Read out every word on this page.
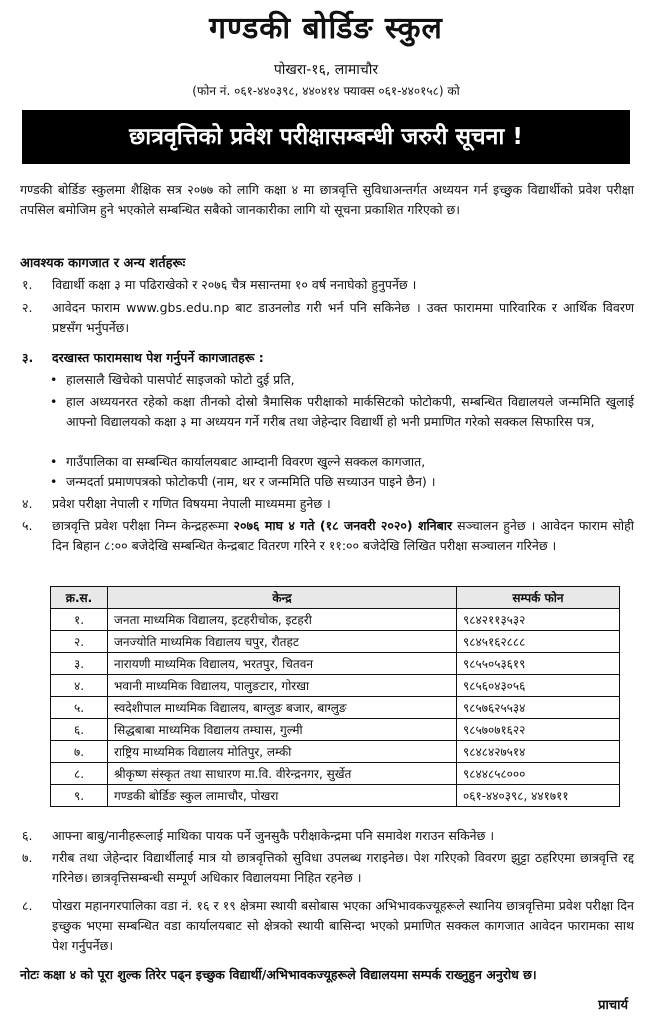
गण्डकी बोर्डिङ स्कुल
पोखरा-१६, लामाचौर
(फोन नं. ०६१-४४०३९८, ४४०४१४ फ्याक्स ०६१-४४०१५८) को
छात्रवृत्तिको प्रवेश परीक्षासम्बन्धी जरुरी सूचना !
गण्डकी बोर्डिङ स्कुलमा शैक्षिक सत्र २०७७ को लागि कक्षा ४ मा छात्रवृत्ति सुविधाअन्तर्गत अध्ययन गर्न इच्छुक विद्यार्थीको प्रवेश परीक्षा तपसिल बमोजिम हुने भएकोले सम्बन्धित सबैको जानकारीका लागि यो सूचना प्रकाशित गरिएको छ।
आवश्यक कागजात र अन्य शर्तहरूः
१.	विद्यार्थी कक्षा ३ मा पढिराखेको र २०७६ चैत्र मसान्तमा १० वर्ष ननाघेको हुनुपर्नेछ ।
२.	आवेदन फाराम www.gbs.edu.np बाट डाउनलोड गरी भर्न पनि सकिनेछ । उक्त फाराममा पारिवारिक र आर्थिक विवरण प्रष्टसँग भर्नुपर्नेछ।
३.	दरखास्त फारामसाथ पेश गर्नुपर्ने कागजातहरू :
• हालसालै खिचेको पासपोर्ट साइजको फोटो दुई प्रति,
• हाल अध्ययनरत रहेको कक्षा तीनको दोस्रो त्रैमासिक परीक्षाको मार्कसिटको फोटोकपी, सम्बन्धित विद्यालयले जन्ममिति खुलाई आफ्नो विद्यालयको कक्षा ३ मा अध्ययन गर्ने गरीब तथा जेहेन्दार विद्यार्थी हो भनी प्रमाणित गरेको सक्कल सिफारिस पत्र,
• गाउँपालिका वा सम्बन्धित कार्यालयबाट आम्दानी विवरण खुल्ने सक्कल कागजात,
• जन्मदर्ता प्रमाणपत्रको फोटोकपी (नाम, थर र जन्ममिति पछि सच्याउन पाइने छैन) ।
४.	प्रवेश परीक्षा नेपाली र गणित विषयमा नेपाली माध्यममा हुनेछ ।
५.	छात्रवृत्ति प्रवेश परीक्षा निम्न केन्द्रहरूमा २०७६ माघ ४ गते (१८ जनवरी २०२०) शनिबार सञ्चालन हुनेछ । आवेदन फाराम सोही दिन बिहान ८:०० बजेदेखि सम्बन्धित केन्द्रबाट वितरण गरिने र ११:०० बजेदेखि लिखित परीक्षा सञ्चालन गरिनेछ ।
क्र.स.	केन्द्र	सम्पर्क फोन
१.	जनता माध्यमिक विद्यालय, इटहरीचोक, इटहरी	९८४२११३५३२
२.	जनज्योति माध्यमिक विद्यालय चपुर, रौतहट	९८४५१६२८८८
३.	नारायणी माध्यमिक विद्यालय, भरतपुर, चितवन	९८५५०५३६१९
४.	भवानी माध्यमिक विद्यालय, पालुङटार, गोरखा	९८५६०४३०५६
५.	स्वदेशीपाल माध्यमिक विद्यालय, बाग्लुङ बजार, बाग्लुङ	९८५७६२५५३४
६.	सिद्धबाबा माध्यमिक विद्यालय तम्घास, गुल्मी	९८५७०७१६२२
७.	राष्ट्रिय माध्यमिक विद्यालय मोतिपुर, लम्की	९८४८४२७५१४
८.	श्रीकृष्ण संस्कृत तथा साधारण मा.वि. वीरेन्द्रनगर, सुर्खेत	९८४४८५८०००
९.	गण्डकी बोर्डिङ स्कुल लामाचौर, पोखरा	०६१-४४०३९८, ४४१७११
६.	आफ्ना बाबु/नानीहरूलाई माथिका पायक पर्ने जुनसुकै परीक्षाकेन्द्रमा पनि समावेश गराउन सकिनेछ ।
७.	गरीब तथा जेहेन्दार विद्यार्थीलाई मात्र यो छात्रवृत्तिको सुविधा उपलब्ध गराइनेछ। पेश गरिएको विवरण झुट्टा ठहरिएमा छात्रवृत्ति रद्द गरिनेछ। छात्रवृत्तिसम्बन्धी सम्पूर्ण अधिकार विद्यालयमा निहित रहनेछ ।
८.	पोखरा महानगरपालिका वडा नं. १६ र १९ क्षेत्रमा स्थायी बसोबास भएका अभिभावकज्यूहरूले स्थानिय छात्रवृत्तिमा प्रवेश परीक्षा दिन इच्छुक भएमा सम्बन्धित वडा कार्यालयबाट सो क्षेत्रको स्थायी बासिन्दा भएको प्रमाणित सक्कल कागजात आवेदन फारामका साथ पेश गर्नुपर्नेछ।
नोटः कक्षा ४ को पूरा शुल्क तिरेर पढ्न इच्छुक विद्यार्थी/अभिभावकज्यूहरूले विद्यालयमा सम्पर्क राख्नुहुन अनुरोध छ।
प्राचार्य
